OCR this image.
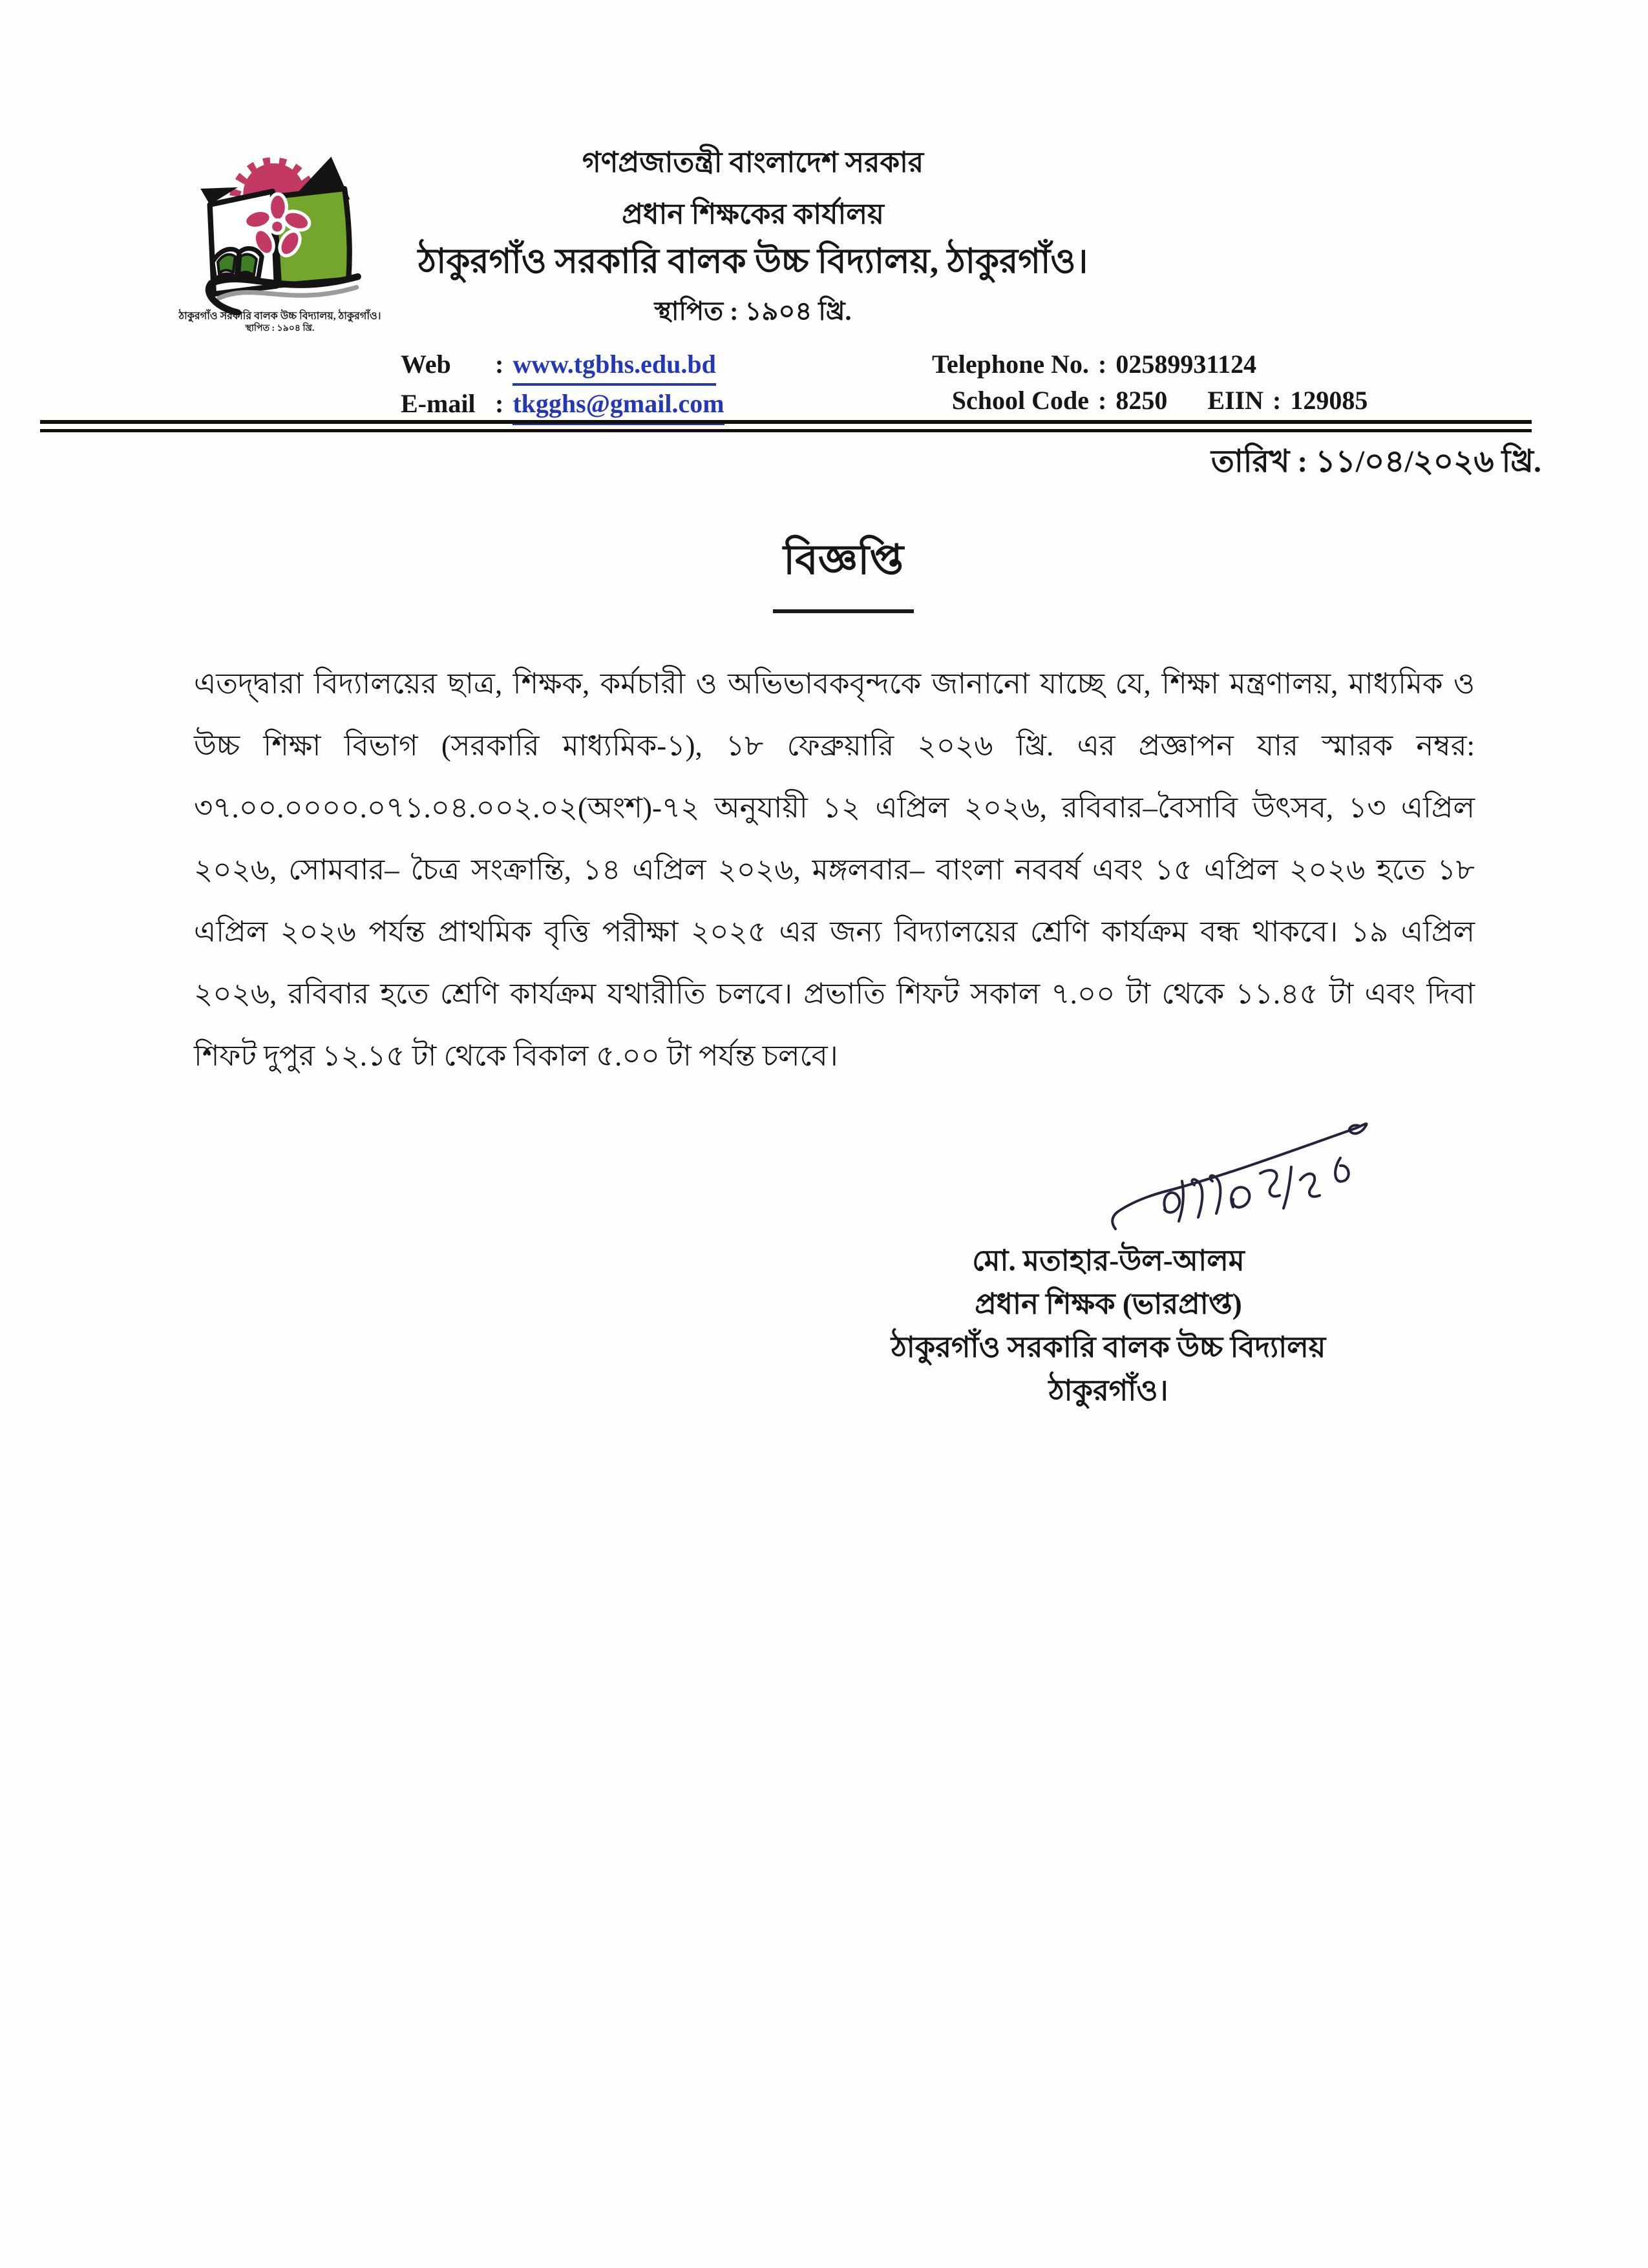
ঠাকুরগাঁও সরকারি বালক উচ্চ বিদ্যালয়, ঠাকুরগাঁও।
স্থাপিত : ১৯০৪ খ্রি.
গণপ্রজাতন্ত্রী বাংলাদেশ সরকার
প্রধান শিক্ষকের কার্যালয়
ঠাকুরগাঁও সরকারি বালক উচ্চ বিদ্যালয়, ঠাকুরগাঁও।
স্থাপিত : ১৯০৪ খ্রি.
Web	: www.tgbhs.edu.bd
E-mail : tkgghs@gmail.com
Telephone No. : 02589931124
School Code : 8250 EIIN : 129085
তারিখ : ১১/০৪/২০২৬ খ্রি.
বিজ্ঞপ্তি

এতদ্দ্বারা বিদ্যালয়ের ছাত্র, শিক্ষক, কর্মচারী ও অভিভাবকবৃন্দকে জানানো যাচ্ছে যে, শিক্ষা মন্ত্রণালয়, মাধ্যমিক ও উচ্চ শিক্ষা বিভাগ (সরকারি মাধ্যমিক-১), ১৮ ফেব্রুয়ারি ২০২৬ খ্রি. এর প্রজ্ঞাপন যার স্মারক নম্বর: ৩৭.০০.০০০০.০৭১.০৪.০০২.০২(অংশ)-৭২ অনুযায়ী ১২ এপ্রিল ২০২৬, রবিবার–বৈসাবি উৎসব, ১৩ এপ্রিল ২০২৬, সোমবার– চৈত্র সংক্রান্তি, ১৪ এপ্রিল ২০২৬, মঙ্গলবার– বাংলা নববর্ষ এবং ১৫ এপ্রিল ২০২৬ হতে ১৮ এপ্রিল ২০২৬ পর্যন্ত প্রাথমিক বৃত্তি পরীক্ষা ২০২৫ এর জন্য বিদ্যালয়ের শ্রেণি কার্যক্রম বন্ধ থাকবে। ১৯ এপ্রিল ২০২৬, রবিবার হতে শ্রেণি কার্যক্রম যথারীতি চলবে। প্রভাতি শিফট সকাল ৭.০০ টা থেকে ১১.৪৫ টা এবং দিবা শিফট দুপুর ১২.১৫ টা থেকে বিকাল ৫.০০ টা পর্যন্ত চলবে।

মো. মতাহার-উল-আলম
প্রধান শিক্ষক (ভারপ্রাপ্ত)
ঠাকুরগাঁও সরকারি বালক উচ্চ বিদ্যালয়
ঠাকুরগাঁও।
